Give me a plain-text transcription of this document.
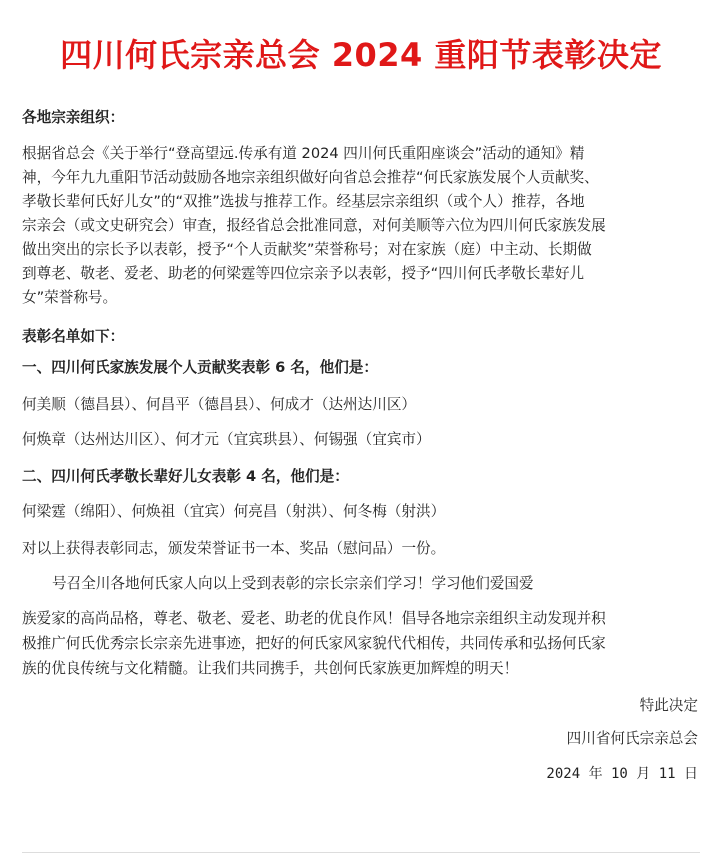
四川何氏宗亲总会 2024 重阳节表彰决定
各地宗亲组织：
根据省总会《关于举行“登高望远.传承有道 2024 四川何氏重阳座谈会”活动的通知》精
神，今年九九重阳节活动鼓励各地宗亲组织做好向省总会推荐“何氏家族发展个人贡献奖、
孝敬长辈何氏好儿女”的“双推”选拔与推荐工作。经基层宗亲组织（或个人）推荐，各地
宗亲会（或文史研究会）审查，报经省总会批准同意，对何美顺等六位为四川何氏家族发展
做出突出的宗长予以表彰，授予“个人贡献奖”荣誉称号；对在家族（庭）中主动、长期做
到尊老、敬老、爱老、助老的何梁霆等四位宗亲予以表彰，授予“四川何氏孝敬长辈好儿
女”荣誉称号。
表彰名单如下：
一、四川何氏家族发展个人贡献奖表彰 6 名，他们是：
何美顺（德昌县）、何昌平（德昌县）、何成才（达州达川区）
何焕章（达州达川区）、何才元（宜宾珙县）、何锡强（宜宾市）
二、四川何氏孝敬长辈好儿女表彰 4 名，他们是：
何梁霆（绵阳）、何焕祖（宜宾）何亮昌（射洪）、何冬梅（射洪）
对以上获得表彰同志，颁发荣誉证书一本、奖品（慰问品）一份。
号召全川各地何氏家人向以上受到表彰的宗长宗亲们学习！学习他们爱国爱
族爱家的高尚品格，尊老、敬老、爱老、助老的优良作风！倡导各地宗亲组织主动发现并积
极推广何氏优秀宗长宗亲先进事迹，把好的何氏家风家貌代代相传，共同传承和弘扬何氏家
族的优良传统与文化精髓。让我们共同携手，共创何氏家族更加辉煌的明天！
特此决定
四川省何氏宗亲总会
2024 年 10 月 11 日
